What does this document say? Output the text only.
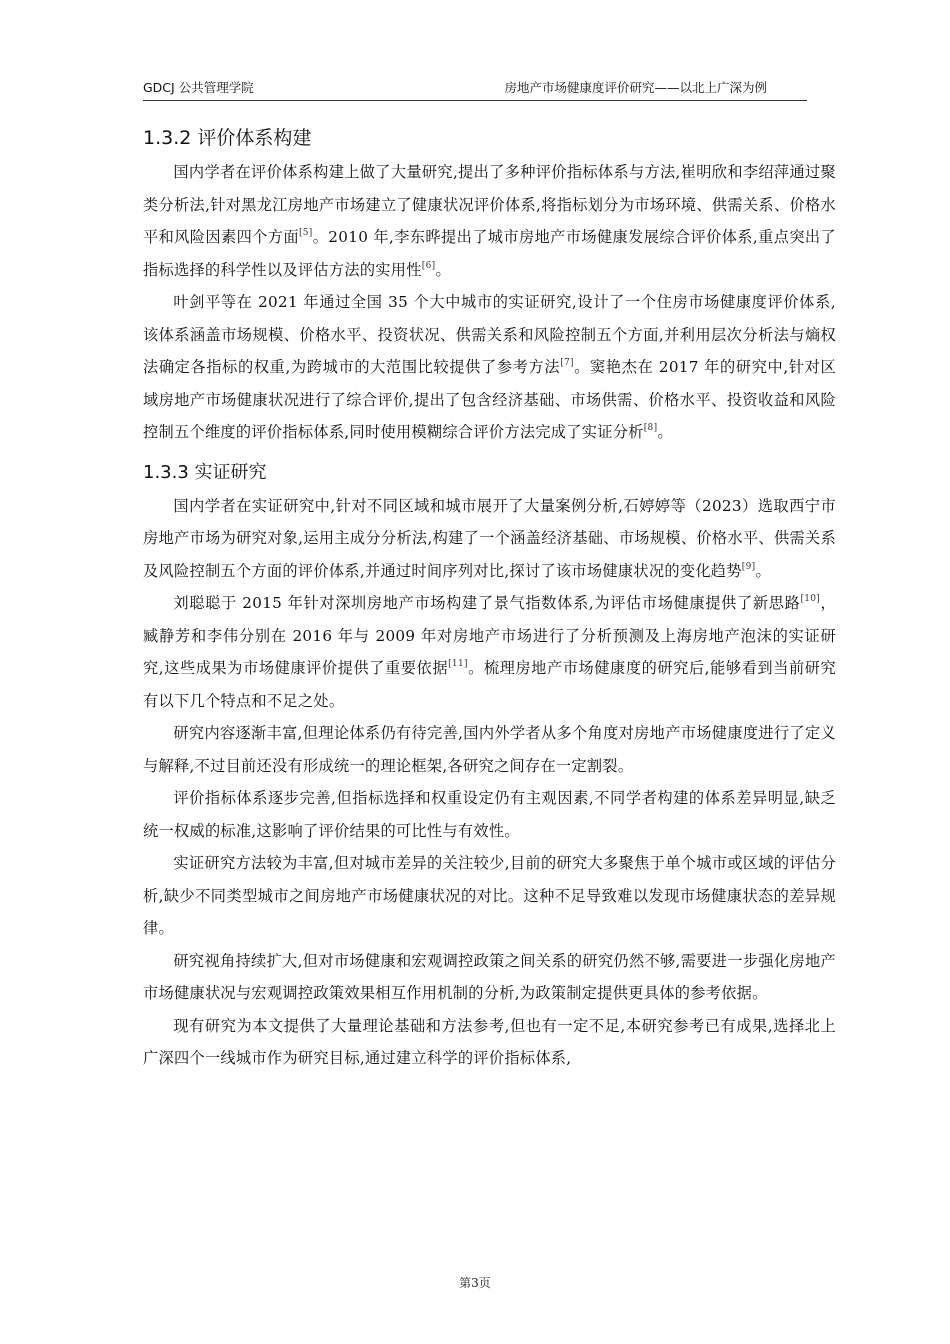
GDCJ 公共管理学院	房地产市场健康度评价研究——以北上广深为例
1.3.2 评价体系构建

国内学者在评价体系构建上做了大量研究,提出了多种评价指标体系与方法,崔明欣和李绍萍通过聚类分析法,针对黑龙江房地产市场建立了健康状况评价体系,将指标划分为市场环境、供需关系、价格水平和风险因素四个方面[5]。2010 年,李东晔提出了城市房地产市场健康发展综合评价体系,重点突出了指标选择的科学性以及评估方法的实用性[6]。

叶剑平等在 2021 年通过全国 35 个大中城市的实证研究,设计了一个住房市场健康度评价体系,该体系涵盖市场规模、价格水平、投资状况、供需关系和风险控制五个方面,并利用层次分析法与熵权法确定各指标的权重,为跨城市的大范围比较提供了参考方法[7]。窦艳杰在 2017 年的研究中,针对区域房地产市场健康状况进行了综合评价,提出了包含经济基础、市场供需、价格水平、投资收益和风险控制五个维度的评价指标体系,同时使用模糊综合评价方法完成了实证分析[8]。

1.3.3 实证研究

国内学者在实证研究中,针对不同区域和城市展开了大量案例分析,石婷婷等（2023）选取西宁市房地产市场为研究对象,运用主成分分析法,构建了一个涵盖经济基础、市场规模、价格水平、供需关系及风险控制五个方面的评价体系,并通过时间序列对比,探讨了该市场健康状况的变化趋势[9]。

刘聪聪于 2015 年针对深圳房地产市场构建了景气指数体系,为评估市场健康提供了新思路[10]，臧静芳和李伟分别在 2016 年与 2009 年对房地产市场进行了分析预测及上海房地产泡沫的实证研究,这些成果为市场健康评价提供了重要依据[11]。梳理房地产市场健康度的研究后,能够看到当前研究有以下几个特点和不足之处。

研究内容逐渐丰富,但理论体系仍有待完善,国内外学者从多个角度对房地产市场健康度进行了定义与解释,不过目前还没有形成统一的理论框架,各研究之间存在一定割裂。

评价指标体系逐步完善,但指标选择和权重设定仍有主观因素,不同学者构建的体系差异明显,缺乏统一权威的标准,这影响了评价结果的可比性与有效性。

实证研究方法较为丰富,但对城市差异的关注较少,目前的研究大多聚焦于单个城市或区域的评估分析,缺少不同类型城市之间房地产市场健康状况的对比。这种不足导致难以发现市场健康状态的差异规律。

研究视角持续扩大,但对市场健康和宏观调控政策之间关系的研究仍然不够,需要进一步强化房地产市场健康状况与宏观调控政策效果相互作用机制的分析,为政策制定提供更具体的参考依据。

现有研究为本文提供了大量理论基础和方法参考,但也有一定不足,本研究参考已有成果,选择北上广深四个一线城市作为研究目标,通过建立科学的评价指标体系,

第3页
